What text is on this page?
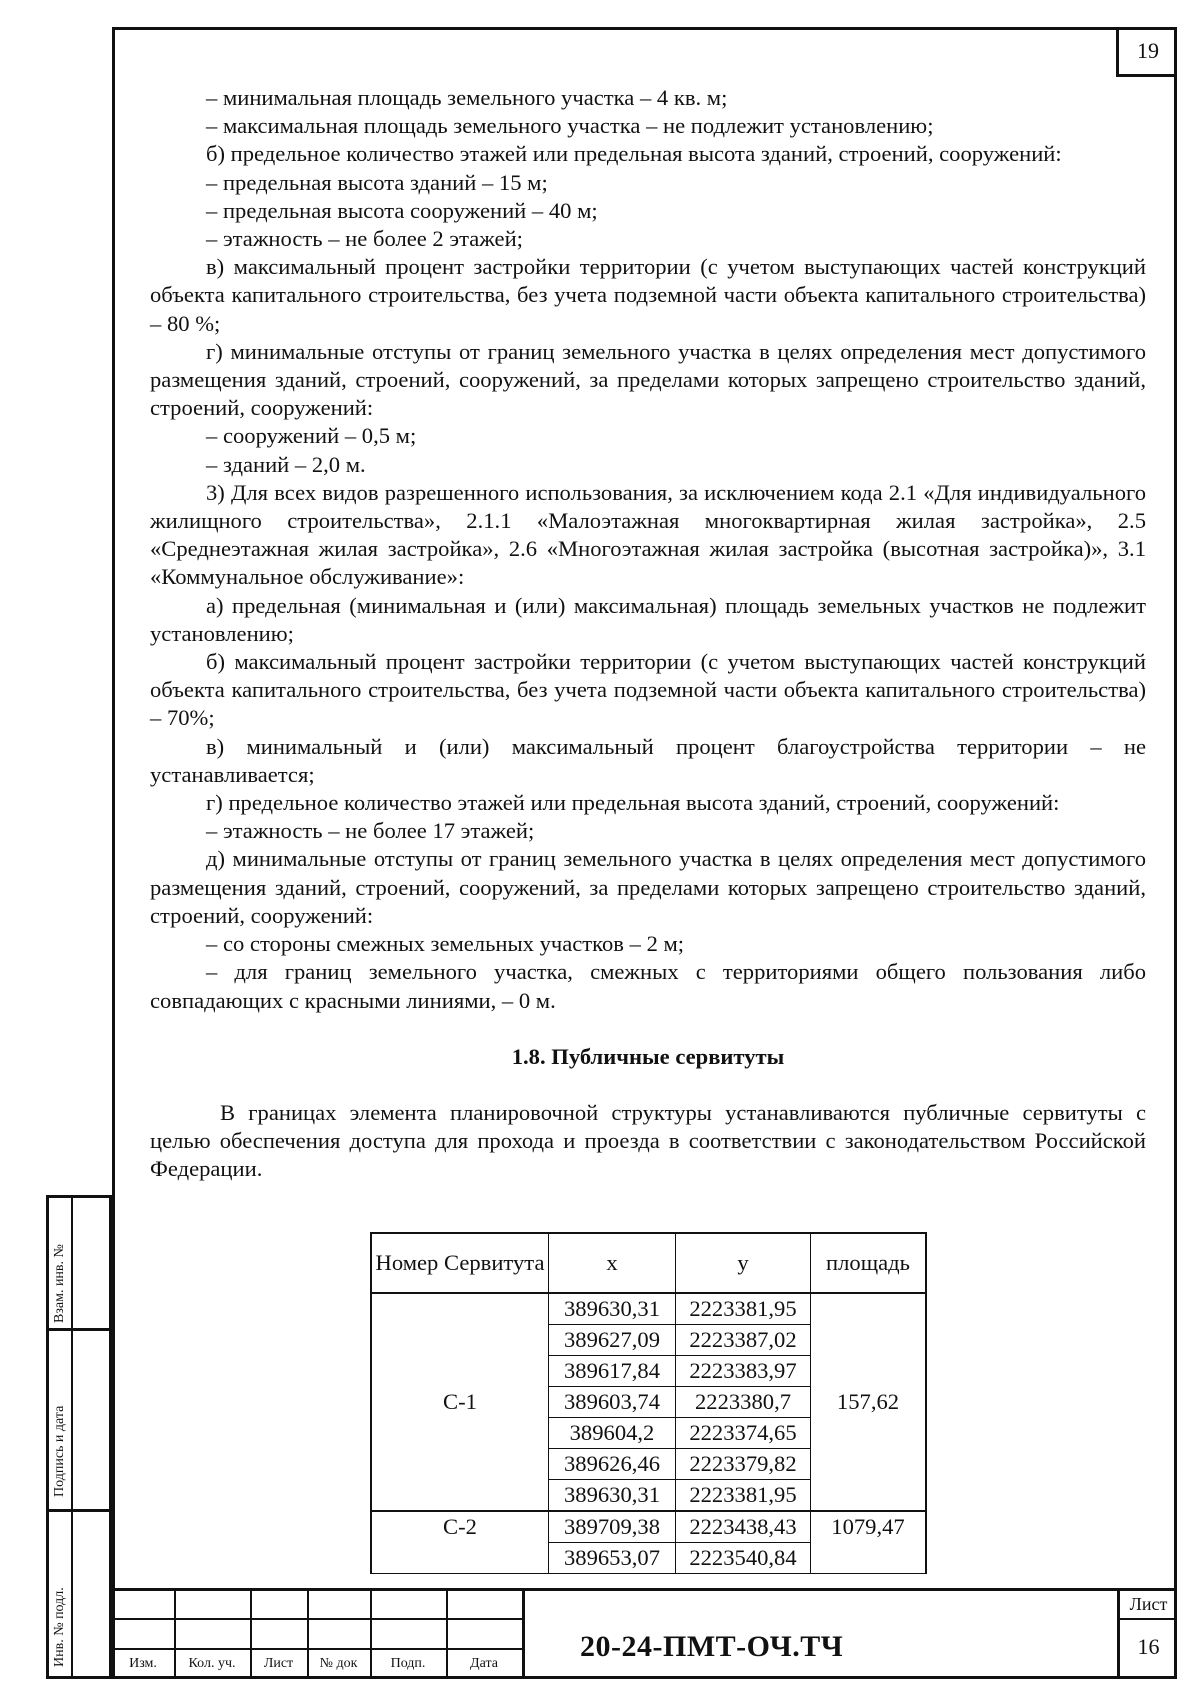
19

– минимальная площадь земельного участка – 4 кв. м;

– максимальная площадь земельного участка – не подлежит установлению;

б) предельное количество этажей или предельная высота зданий, строений, сооружений:

– предельная высота зданий – 15 м;

– предельная высота сооружений – 40 м;

– этажность – не более 2 этажей;

в) максимальный процент застройки территории (с учетом выступающих частей конструкций объекта капитального строительства, без учета подземной части объекта капитального строительства) – 80 %;

г) минимальные отступы от границ земельного участка в целях определения мест допустимого размещения зданий, строений, сооружений, за пределами которых запрещено строительство зданий, строений, сооружений:

– сооружений – 0,5 м;

– зданий – 2,0 м.

3) Для всех видов разрешенного использования, за исключением кода 2.1 «Для индивидуального жилищного строительства», 2.1.1 «Малоэтажная многоквартирная жилая застройка», 2.5 «Среднеэтажная жилая застройка», 2.6 «Многоэтажная жилая застройка (высотная застройка)», 3.1 «Коммунальное обслуживание»:

а) предельная (минимальная и (или) максимальная) площадь земельных участков не подлежит установлению;

б) максимальный процент застройки территории (с учетом выступающих частей конструкций объекта капитального строительства, без учета подземной части объекта капитального строительства) – 70%;

в) минимальный и (или) максимальный процент благоустройства территории – не устанавливается;

г) предельное количество этажей или предельная высота зданий, строений, сооружений:

– этажность – не более 17 этажей;

д) минимальные отступы от границ земельного участка в целях определения мест допустимого размещения зданий, строений, сооружений, за пределами которых запрещено строительство зданий, строений, сооружений:

– со стороны смежных земельных участков – 2 м;

– для границ земельного участка, смежных с территориями общего пользования либо совпадающих с красными линиями, – 0 м.

1.8. Публичные сервитуты

В границах элемента планировочной структуры устанавливаются публичные сервитуты с целью обеспечения доступа для прохода и проезда в соответствии с законодательством Российской Федерации.

Номер Сервитута	x	y	площадь
С-1	389630,31	2223381,95	157,62
	389627,09	2223387,02	
	389617,84	2223383,97	
	389603,74	2223380,7	
	389604,2	2223374,65	
	389626,46	2223379,82	
	389630,31	2223381,95	
С-2	389709,38	2223438,43	1079,47
	389653,07	2223540,84	
Взам. инв. №
Подпись и дата
Инв. № подл.	Изм.	Кол. уч.	Лист	№ док	Подп.	Дата
Лист
16
20-24-ПМТ-ОЧ.ТЧ
